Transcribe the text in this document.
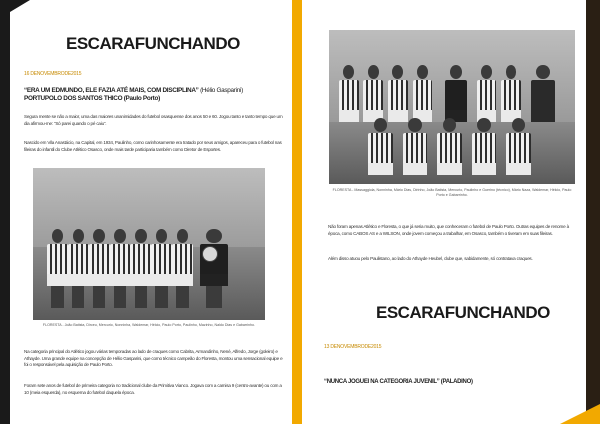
ESCARAFUNCHANDO
16 DENOVEMBRODE2015
“ERA UM EDMUNDO, ELE FAZIA ATÉ MAIS, COM DISCIPLINA” (Hélio Gasparini)
PORTUPOLO DOS SANTOS THICO (Paulo Porto)
Segura mente se não a maior, uma das maiores unanimidades do futebol osasquense dos anos 50 e 60. Jogou tanto e tanto tempo que um dia afirmou-me: “Só parei quando o pé caiu”.
Nascido em Vila Anastácio, na Capital, em 1934, Paulinho, como carinhosamente era tratado por seus amigos, apareceu para o futebol nas fileiras do infantil do Clube Atlético Osasco, onde mais tarde participaria também como Diretor de Esportes.
FLORESTA - João Batista, Dirceu, Mercurio, Nonninha, Waldemar, Hélcio, Paulo Porto, Paulinho, Mazinho, Naldo Dias e Gabarrinho.
Na categoria principal do Atlético jogou várias temporadas ao lado de craques como Cabrita, Armandinho, Nené, Alfredo, Jorge (goleiro) e Athayde. Uma grande equipe na concepção de Hélio Gasparini, que como técnico campeão do Floresta, montou uma sensacional equipe e foi o responsável pela aquisição de Paulo Porto.
Foram sete anos de futebol de primeira categoria no tradicional clube da Primitiva Vianco. Jogava com a camisa 9 (centro-avante) ou com a 10 (meia esquerda), no esquema do futebol daquela época.
FLORESTA - Massaggiola, Nonninha, Mário Dias, Dirinho, João Batista, Mercurio, Paulinho e Guerino (técnico), Mário Naza, Waldemar, Hélcio, Paulo Porto e Gabarrinho.
Não foram apenas Atlético e Floresta, o que já seria muito, que conheceram o futebol de Paulo Porto. Outras equipes de renome à época, como CABOS AS e a WILSON, onde jovem começou a trabalhar, em Osasco, também o tiveram em suas fileiras.
Além disso atuou pelo Paulistano, ao lado do Athayde Heubel, clube que, sabidamente, só contratava craques.
ESCARAFUNCHANDO
13 DENOVEMBRODE2015
“NUNCA JOGUEI NA CATEGORIA JUVENIL” (PALADINO)
